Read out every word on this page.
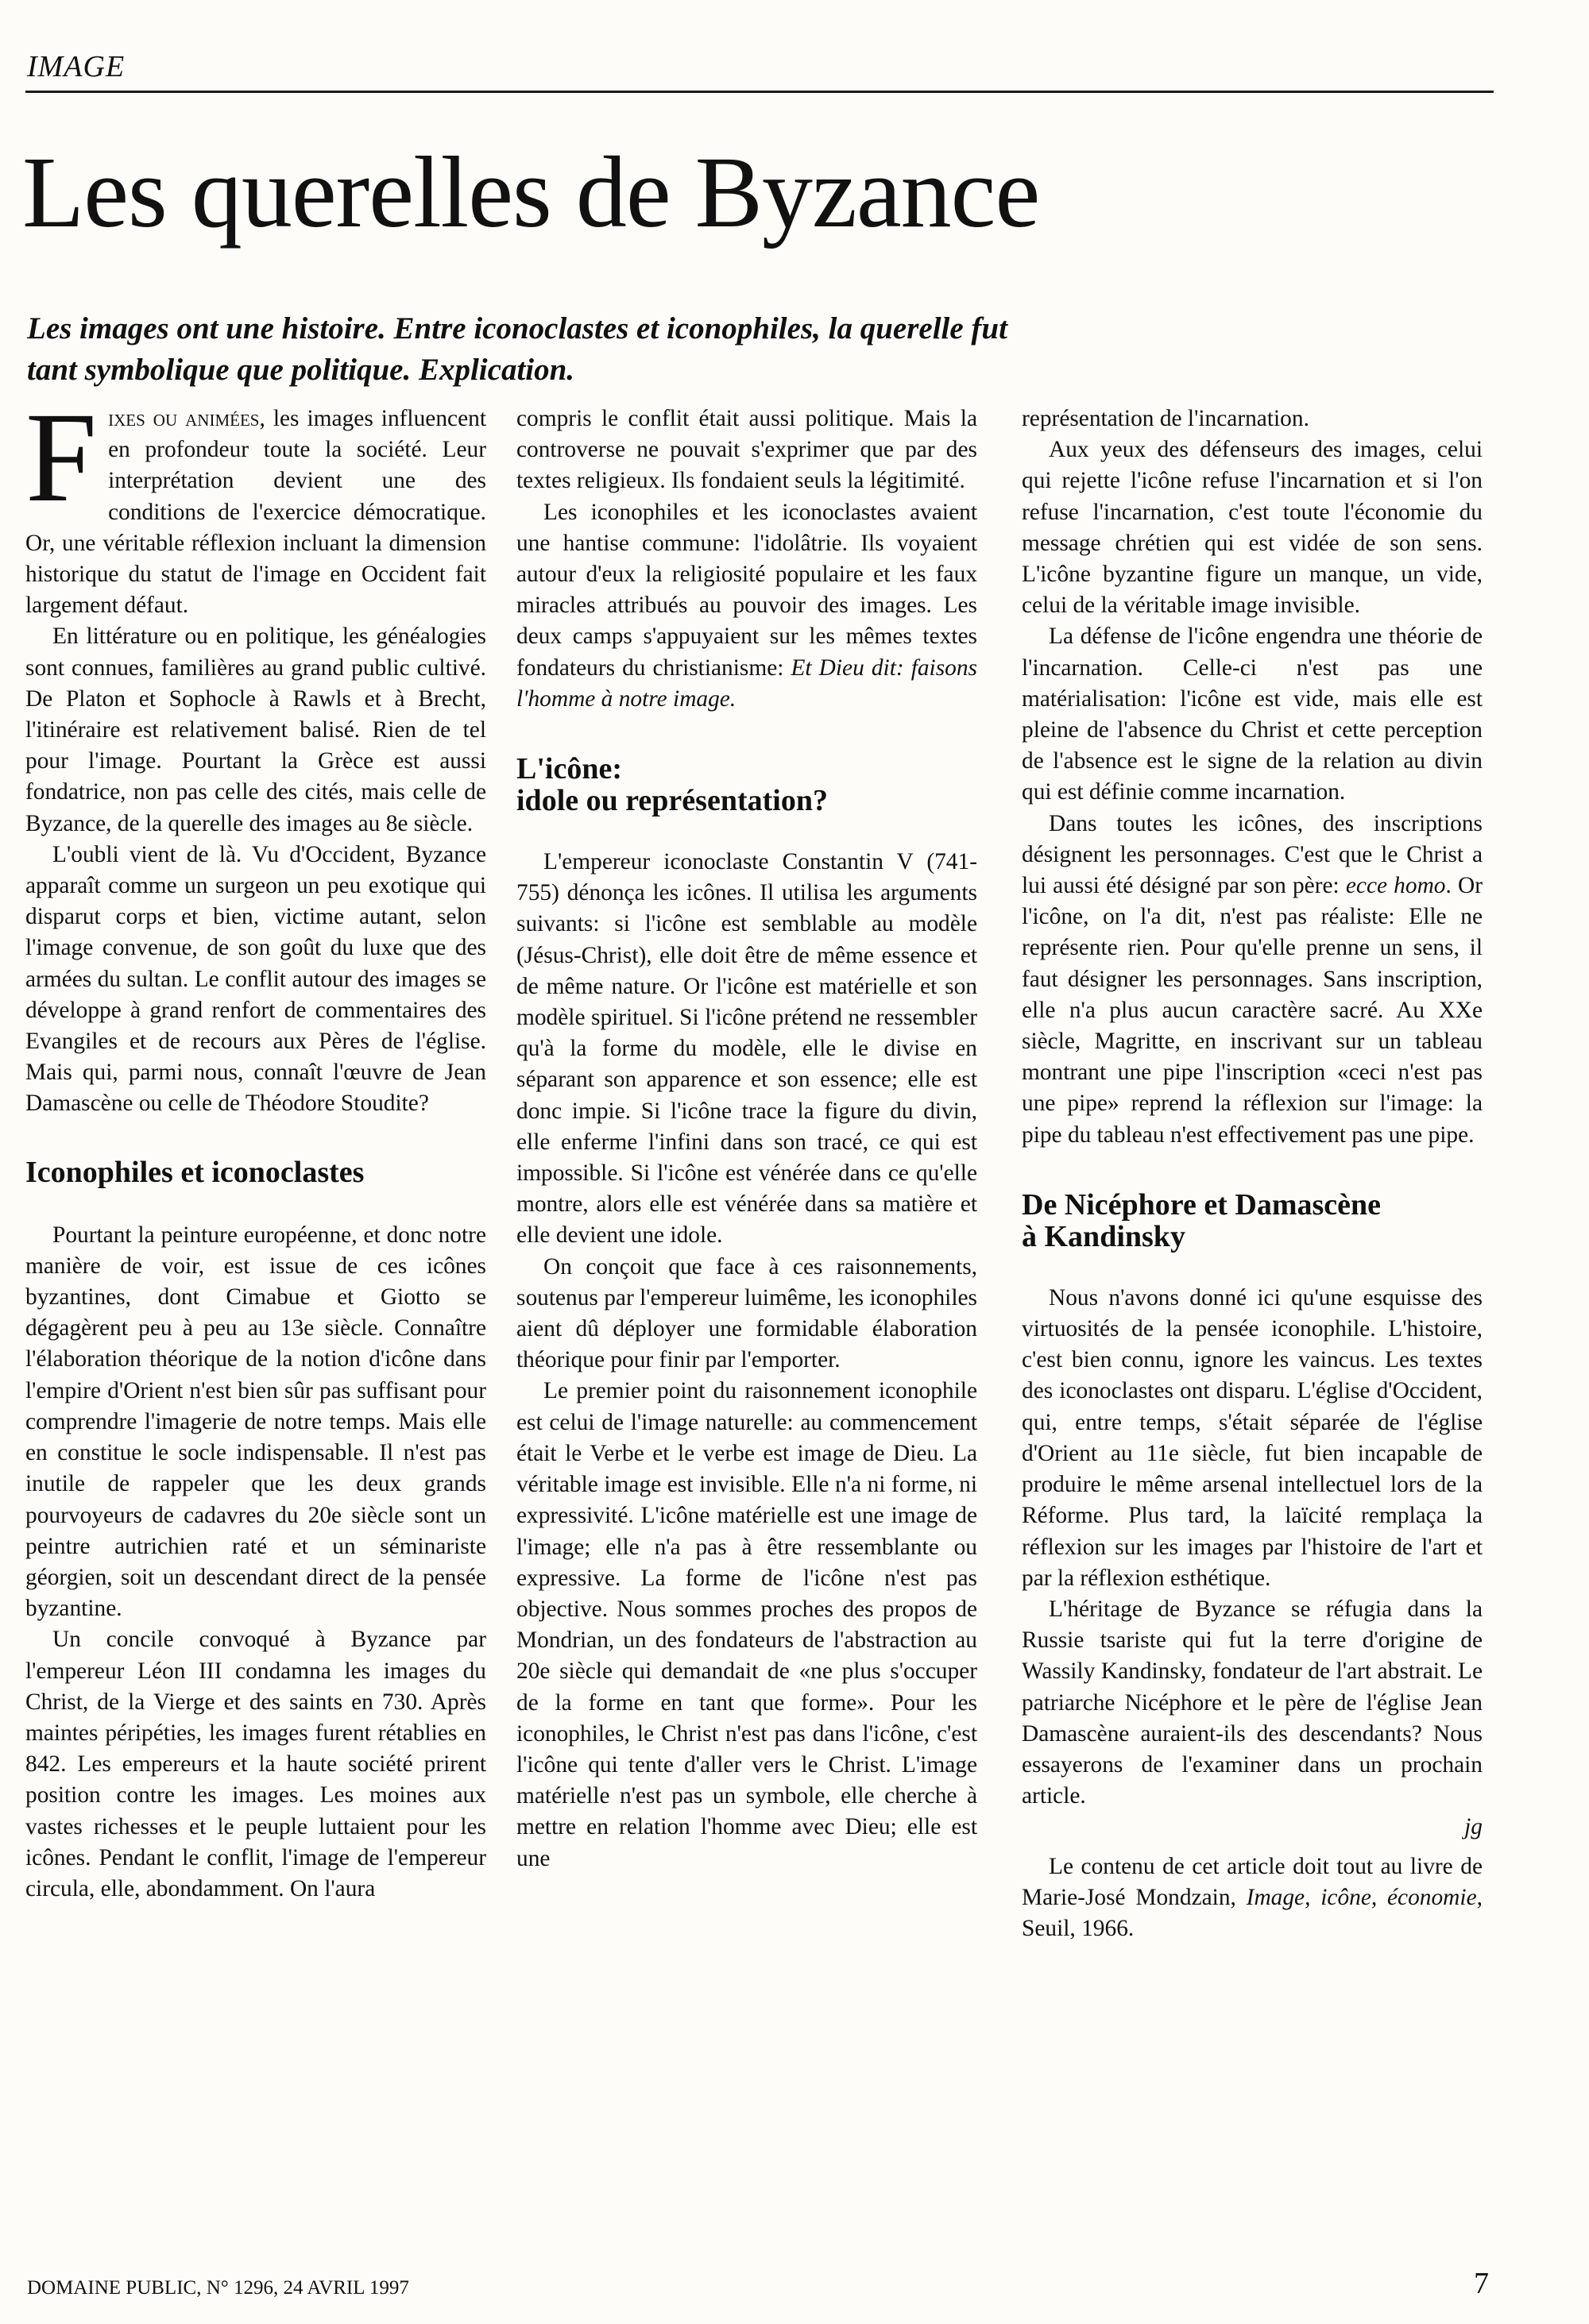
IMAGE
Les querelles de Byzance

Les images ont une histoire. Entre iconoclastes et iconophiles, la querelle fut
tant symbolique que politique. Explication.

Fixes ou animées, les images influencent en profondeur toute la société. Leur interprétation devient une des conditions de l'exercice démocratique. Or, une véritable réflexion incluant la dimension historique du statut de l'image en Occident fait largement défaut.

En littérature ou en politique, les généalogies sont connues, familières au grand public cultivé. De Platon et Sophocle à Rawls et à Brecht, l'itinéraire est relativement balisé. Rien de tel pour l'image. Pourtant la Grèce est aussi fondatrice, non pas celle des cités, mais celle de Byzance, de la querelle des images au 8e siècle.

L'oubli vient de là. Vu d'Occident, Byzance apparaît comme un surgeon un peu exotique qui disparut corps et bien, victime autant, selon l'image convenue, de son goût du luxe que des armées du sultan. Le conflit autour des images se développe à grand renfort de commentaires des Evangiles et de recours aux Pères de l'église. Mais qui, parmi nous, connaît l'œuvre de Jean Damascène ou celle de Théodore Stoudite?

Iconophiles et iconoclastes

Pourtant la peinture européenne, et donc notre manière de voir, est issue de ces icônes byzantines, dont Cimabue et Giotto se dégagèrent peu à peu au 13e siècle. Connaître l'élaboration théorique de la notion d'icône dans l'empire d'Orient n'est bien sûr pas suffisant pour comprendre l'imagerie de notre temps. Mais elle en constitue le socle indispensable. Il n'est pas inutile de rappeler que les deux grands pourvoyeurs de cadavres du 20e siècle sont un peintre autrichien raté et un séminariste géorgien, soit un descendant direct de la pensée byzantine.

Un concile convoqué à Byzance par l'empereur Léon III condamna les images du Christ, de la Vierge et des saints en 730. Après maintes péripéties, les images furent rétablies en 842. Les empereurs et la haute société prirent position contre les images. Les moines aux vastes richesses et le peuple luttaient pour les icônes. Pendant le conflit, l'image de l'empereur circula, elle, abondamment. On l'aura

compris le conflit était aussi politique. Mais la controverse ne pouvait s'exprimer que par des textes religieux. Ils fondaient seuls la légitimité.

Les iconophiles et les iconoclastes avaient une hantise commune: l'idolâtrie. Ils voyaient autour d'eux la religiosité populaire et les faux miracles attribués au pouvoir des images. Les deux camps s'appuyaient sur les mêmes textes fondateurs du christianisme: Et Dieu dit: faisons l'homme à notre image.

L'icône:
idole ou représentation?

L'empereur iconoclaste Constantin V (741-755) dénonça les icônes. Il utilisa les arguments suivants: si l'icône est semblable au modèle (Jésus-Christ), elle doit être de même essence et de même nature. Or l'icône est matérielle et son modèle spirituel. Si l'icône prétend ne ressembler qu'à la forme du modèle, elle le divise en séparant son apparence et son essence; elle est donc impie. Si l'icône trace la figure du divin, elle enferme l'infini dans son tracé, ce qui est impossible. Si l'icône est vénérée dans ce qu'elle montre, alors elle est vénérée dans sa matière et elle devient une idole.

On conçoit que face à ces raisonnements, soutenus par l'empereur luimême, les iconophiles aient dû déployer une formidable élaboration théorique pour finir par l'emporter.

Le premier point du raisonnement iconophile est celui de l'image naturelle: au commencement était le Verbe et le verbe est image de Dieu. La véritable image est invisible. Elle n'a ni forme, ni expressivité. L'icône matérielle est une image de l'image; elle n'a pas à être ressemblante ou expressive. La forme de l'icône n'est pas objective. Nous sommes proches des propos de Mondrian, un des fondateurs de l'abstraction au 20e siècle qui demandait de «ne plus s'occuper de la forme en tant que forme». Pour les iconophiles, le Christ n'est pas dans l'icône, c'est l'icône qui tente d'aller vers le Christ. L'image matérielle n'est pas un symbole, elle cherche à mettre en relation l'homme avec Dieu; elle est une

représentation de l'incarnation.

Aux yeux des défenseurs des images, celui qui rejette l'icône refuse l'incarnation et si l'on refuse l'incarnation, c'est toute l'économie du message chrétien qui est vidée de son sens. L'icône byzantine figure un manque, un vide, celui de la véritable image invisible.

La défense de l'icône engendra une théorie de l'incarnation. Celle-ci n'est pas une matérialisation: l'icône est vide, mais elle est pleine de l'absence du Christ et cette perception de l'absence est le signe de la relation au divin qui est définie comme incarnation.

Dans toutes les icônes, des inscriptions désignent les personnages. C'est que le Christ a lui aussi été désigné par son père: ecce homo. Or l'icône, on l'a dit, n'est pas réaliste: Elle ne représente rien. Pour qu'elle prenne un sens, il faut désigner les personnages. Sans inscription, elle n'a plus aucun caractère sacré. Au XXe siècle, Magritte, en inscrivant sur un tableau montrant une pipe l'inscription «ceci n'est pas une pipe» reprend la réflexion sur l'image: la pipe du tableau n'est effectivement pas une pipe.

De Nicéphore et Damascène
à Kandinsky

Nous n'avons donné ici qu'une esquisse des virtuosités de la pensée iconophile. L'histoire, c'est bien connu, ignore les vaincus. Les textes des iconoclastes ont disparu. L'église d'Occident, qui, entre temps, s'était séparée de l'église d'Orient au 11e siècle, fut bien incapable de produire le même arsenal intellectuel lors de la Réforme. Plus tard, la laïcité remplaça la réflexion sur les images par l'histoire de l'art et par la réflexion esthétique.

L'héritage de Byzance se réfugia dans la Russie tsariste qui fut la terre d'origine de Wassily Kandinsky, fondateur de l'art abstrait. Le patriarche Nicéphore et le père de l'église Jean Damascène auraient-ils des descendants? Nous essayerons de l'examiner dans un prochain article.

jg

Le contenu de cet article doit tout au livre de Marie-José Mondzain, Image, icône, économie, Seuil, 1966.

DOMAINE PUBLIC, N° 1296, 24 AVRIL 1997	7
